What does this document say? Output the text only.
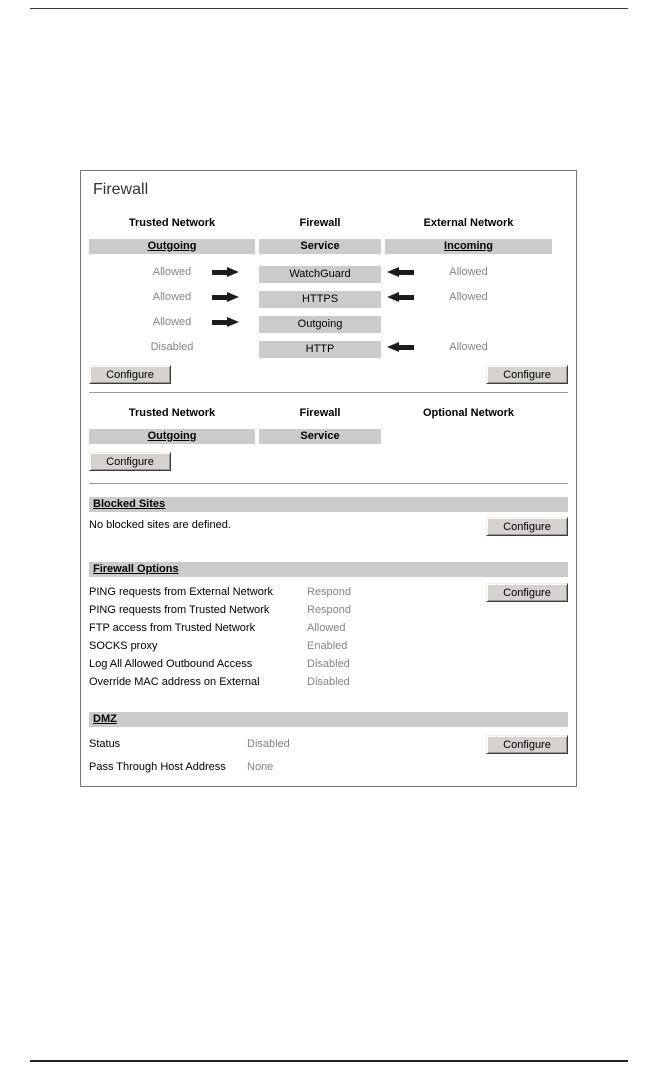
Firewall
Trusted Network	Firewall	External Network
Outgoing	Service	Incoming
Allowed	WatchGuard	Allowed
Allowed	HTTPS	Allowed
Allowed	Outgoing
Disabled	HTTP	Allowed
Configure	Configure
Trusted Network	Firewall	Optional Network
Outgoing	Service
Configure
Blocked Sites
No blocked sites are defined.	Configure
Firewall Options
PING requests from External Network	Respond
PING requests from Trusted Network	Respond
FTP access from Trusted Network	Allowed
SOCKS proxy	Enabled
Log All Allowed Outbound Access	Disabled
Override MAC address on External	Disabled
Configure
DMZ
Status	Disabled
Pass Through Host Address	None
Configure
